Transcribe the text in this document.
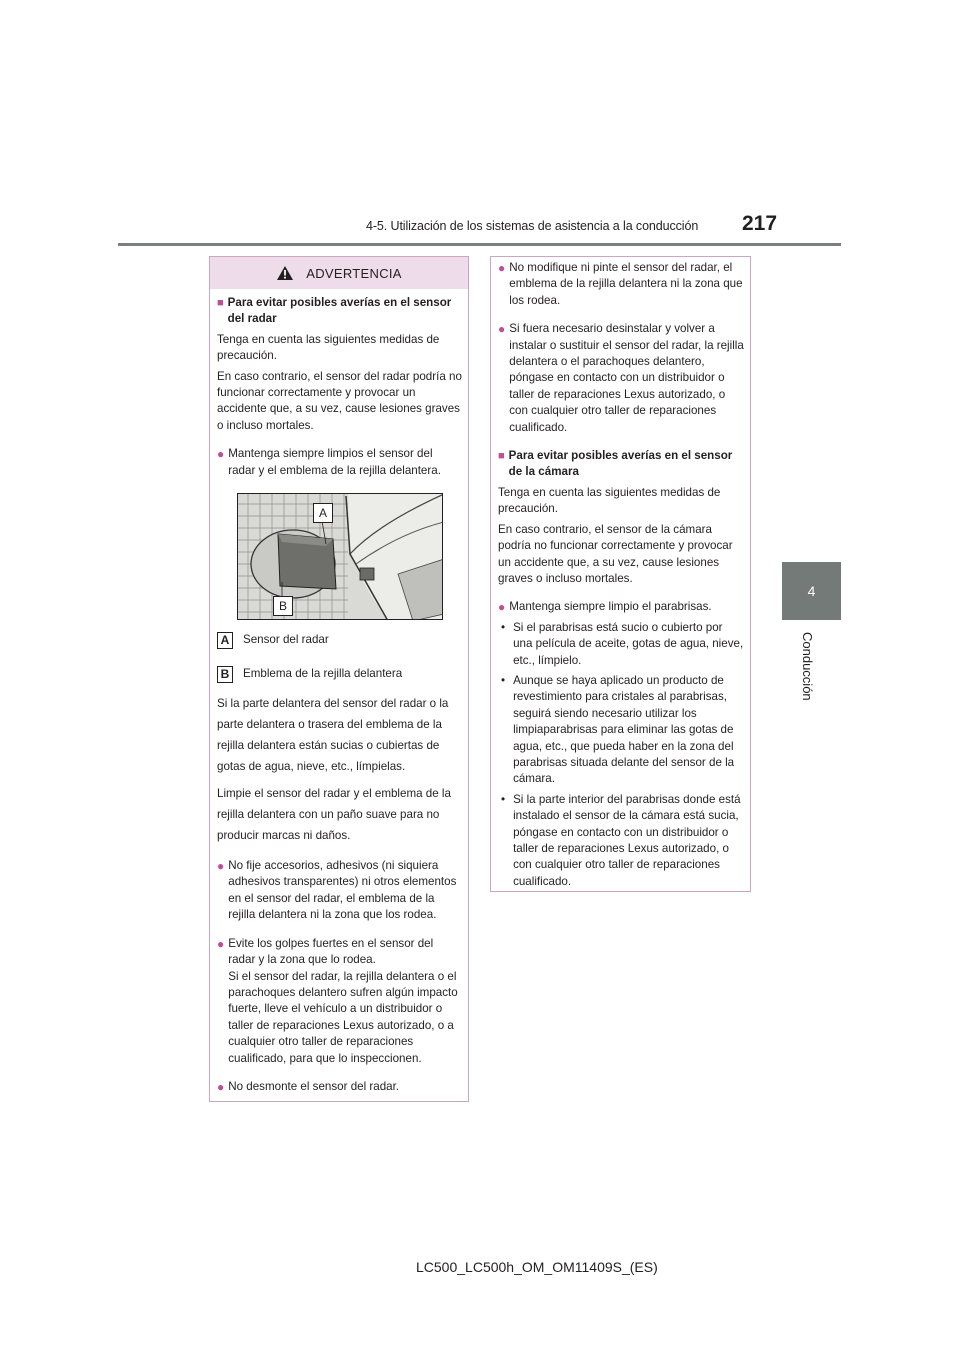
4-5. Utilización de los sistemas de asistencia a la conducción 217
4
Conducción
ADVERTENCIA
■ Para evitar posibles averías en el sensor del radar

Tenga en cuenta las siguientes medidas de precaución.

En caso contrario, el sensor del radar podría no funcionar correctamente y provocar un accidente que, a su vez, cause lesiones graves o incluso mortales.

● Mantenga siempre limpios el sensor del radar y el emblema de la rejilla delantera.
A
B
A	Sensor del radar
B	Emblema de la rejilla delantera

Si la parte delantera del sensor del radar o la parte delantera o trasera del emblema de la rejilla delantera están sucias o cubiertas de gotas de agua, nieve, etc., límpielas.

Limpie el sensor del radar y el emblema de la rejilla delantera con un paño suave para no producir marcas ni daños.

● No fije accesorios, adhesivos (ni siquiera adhesivos transparentes) ni otros elementos en el sensor del radar, el emblema de la rejilla delantera ni la zona que los rodea.
● Evite los golpes fuertes en el sensor del radar y la zona que lo rodea.
Si el sensor del radar, la rejilla delantera o el parachoques delantero sufren algún impacto fuerte, lleve el vehículo a un distribuidor o taller de reparaciones Lexus autorizado, o a cualquier otro taller de reparaciones cualificado, para que lo inspeccionen.
● No desmonte el sensor del radar.
● No modifique ni pinte el sensor del radar, el emblema de la rejilla delantera ni la zona que los rodea.
● Si fuera necesario desinstalar y volver a instalar o sustituir el sensor del radar, la rejilla delantera o el parachoques delantero, póngase en contacto con un distribuidor o taller de reparaciones Lexus autorizado, o con cualquier otro taller de reparaciones cualificado.
■ Para evitar posibles averías en el sensor de la cámara

Tenga en cuenta las siguientes medidas de precaución.

En caso contrario, el sensor de la cámara podría no funcionar correctamente y provocar un accidente que, a su vez, cause lesiones graves o incluso mortales.

● Mantenga siempre limpio el parabrisas.
• Si el parabrisas está sucio o cubierto por una película de aceite, gotas de agua, nieve, etc., límpielo.
• Aunque se haya aplicado un producto de revestimiento para cristales al parabrisas, seguirá siendo necesario utilizar los limpiaparabrisas para eliminar las gotas de agua, etc., que pueda haber en la zona del parabrisas situada delante del sensor de la cámara.
• Si la parte interior del parabrisas donde está instalado el sensor de la cámara está sucia, póngase en contacto con un distribuidor o taller de reparaciones Lexus autorizado, o con cualquier otro taller de reparaciones cualificado.
LC500_LC500h_OM_OM11409S_(ES)
